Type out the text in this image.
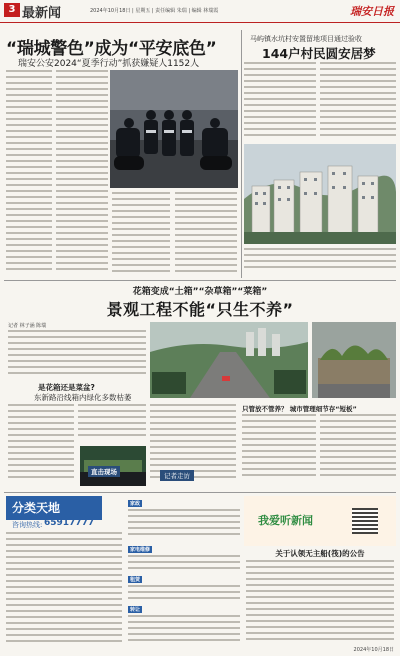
3 最新闻	2024年10月18日 | 星期五 | 责任编辑 朱瑞 | 编辑 林瑞霞	瑞安日报
“瑞城警色”成为“平安底色”
瑞安公安2024“夏季行动”抓获嫌疑人1152人
马屿镇水坑村安置留地项目通过验收
144户村民圆安居梦
花箱变成“土箱”“杂草箱”“菜箱”
景观工程不能“只生不养”
记者 林子涵 陈瑞
是花箱还是菜盆?
东新路沿线箱内绿化多数枯萎
直击现场
只管放不管养？ 城市管理细节存“短板”
记者走访
分类天地
咨询热线: 65917777
家政
家电维修
租赁
转让
我爱听新闻
关于认领无主船(筏)的公告
2024年10月18日
